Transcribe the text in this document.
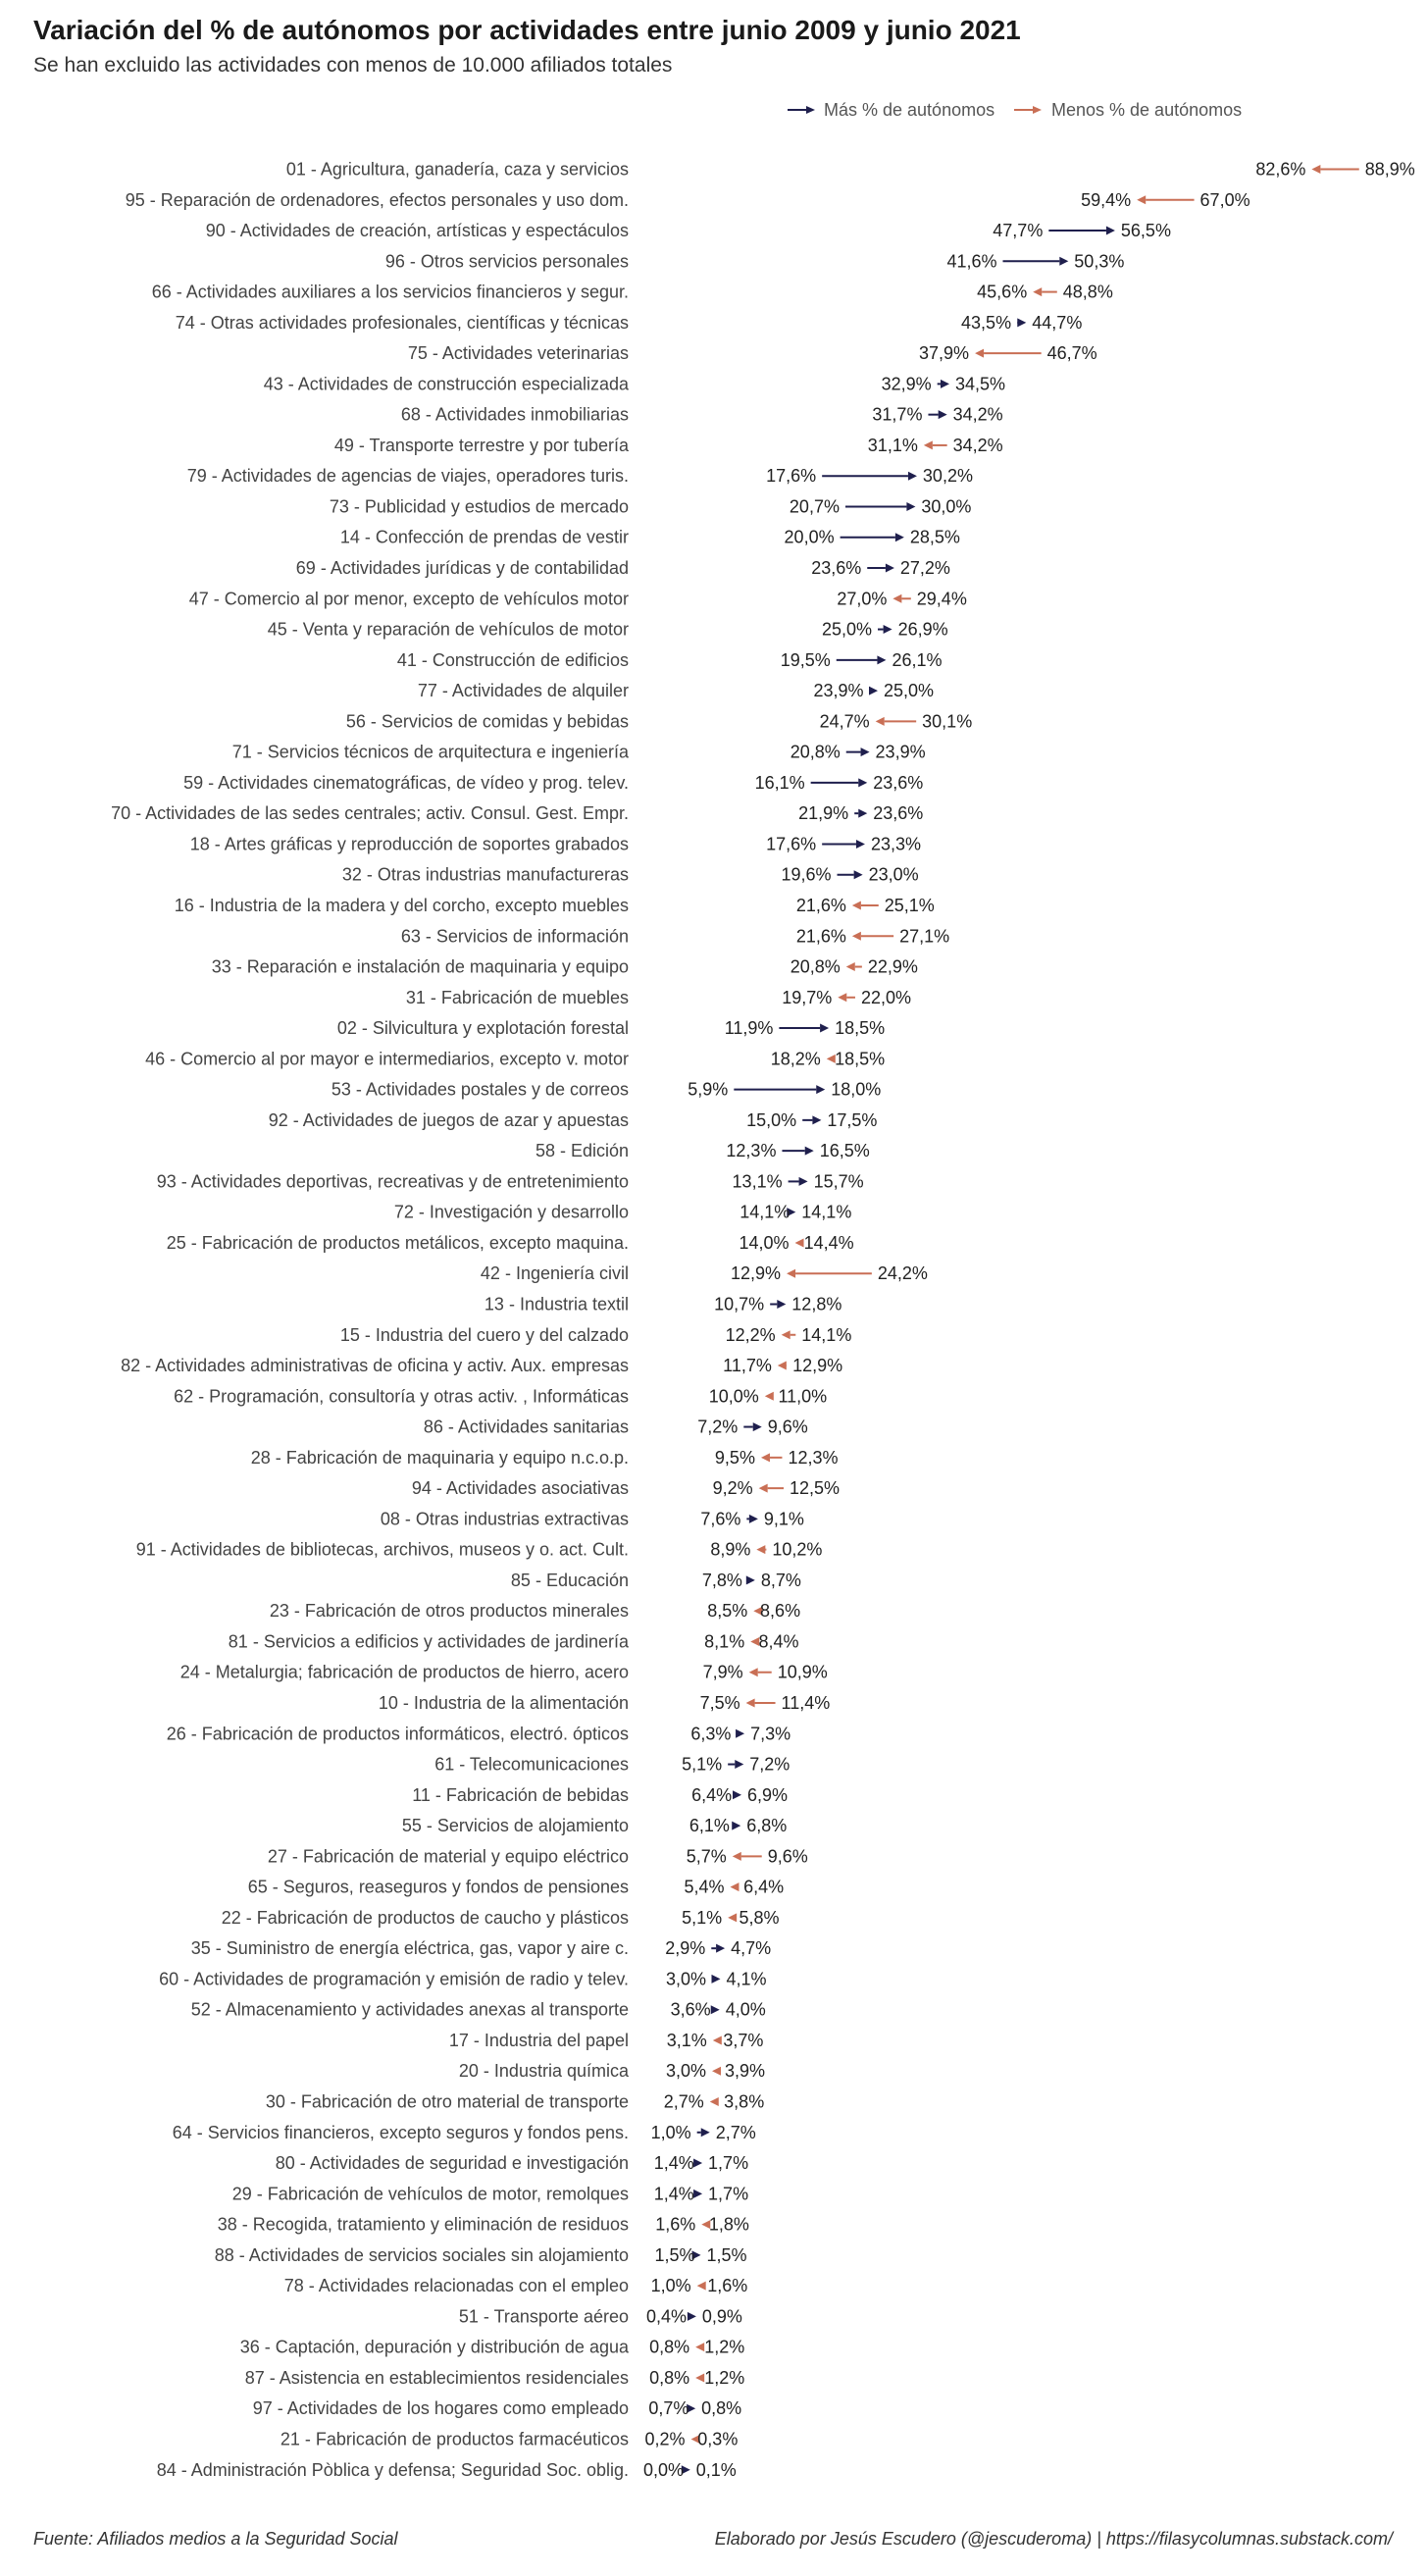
Variación del % de autónomos por actividades entre junio 2009 y junio 2021
Se han excluido las actividades con menos de 10.000 afiliados totales
Más % de autónomos	Menos % de autónomos
01 - Agricultura, ganadería, caza y servicios	82,6%	88,9%
95 - Reparación de ordenadores, efectos personales y uso dom.	59,4%	67,0%
90 - Actividades de creación, artísticas y espectáculos	47,7%	56,5%
96 - Otros servicios personales	41,6%	50,3%
66 - Actividades auxiliares a los servicios financieros y segur.	45,6% 48,8%
74 - Otras actividades profesionales, científicas y técnicas	43,5% 44,7%
75 - Actividades veterinarias	37,9%	46,7%
43 - Actividades de construcción especializada	32,9% 34,5%
68 - Actividades inmobiliarias	31,7% 34,2%
49 - Transporte terrestre y por tubería	31,1% 34,2%
79 - Actividades de agencias de viajes, operadores turis.	17,6%	30,2%
73 - Publicidad y estudios de mercado	20,7%	30,0%
14 - Confección de prendas de vestir	20,0%	28,5%
69 - Actividades jurídicas y de contabilidad	23,6% 27,2%
47 - Comercio al por menor, excepto de vehículos motor	27,0% 29,4%
45 - Venta y reparación de vehículos de motor	25,0% 26,9%
41 - Construcción de edificios	19,5%	26,1%
77 - Actividades de alquiler	23,9% 25,0%
56 - Servicios de comidas y bebidas	24,7%	30,1%
71 - Servicios técnicos de arquitectura e ingeniería	20,8% 23,9%
59 - Actividades cinematográficas, de vídeo y prog. telev.	16,1%	23,6%
70 - Actividades de las sedes centrales; activ. Consul. Gest. Empr.	21,9% 23,6%
18 - Artes gráficas y reproducción de soportes grabados	17,6%	23,3%
32 - Otras industrias manufactureras	19,6% 23,0%
16 - Industria de la madera y del corcho, excepto muebles	21,6% 25,1%
63 - Servicios de información	21,6%	27,1%
33 - Reparación e instalación de maquinaria y equipo	20,8% 22,9%
31 - Fabricación de muebles	19,7% 22,0%
02 - Silvicultura y explotación forestal	11,9%	18,5%
46 - Comercio al por mayor e intermediarios, excepto v. motor	18,2% 18,5%
53 - Actividades postales y de correos	5,9%	18,0%
92 - Actividades de juegos de azar y apuestas	15,0% 17,5%
58 - Edición	12,3% 16,5%
93 - Actividades deportivas, recreativas y de entretenimiento	13,1% 15,7%
72 - Investigación y desarrollo	14,1% 14,1%
25 - Fabricación de productos metálicos, excepto maquina.	14,0% 14,4%
42 - Ingeniería civil	12,9%	24,2%
13 - Industria textil	10,7% 12,8%
15 - Industria del cuero y del calzado	12,2% 14,1%
82 - Actividades administrativas de oficina y activ. Aux. empresas	11,7% 12,9%
62 - Programación, consultoría y otras activ. , Informáticas	10,0% 11,0%
86 - Actividades sanitarias	7,2% 9,6%
28 - Fabricación de maquinaria y equipo n.c.o.p.	9,5% 12,3%
94 - Actividades asociativas	9,2% 12,5%
08 - Otras industrias extractivas	7,6% 9,1%
91 - Actividades de bibliotecas, archivos, museos y o. act. Cult.	8,9% 10,2%
85 - Educación	7,8% 8,7%
23 - Fabricación de otros productos minerales	8,5% 8,6%
81 - Servicios a edificios y actividades de jardinería	8,1% 8,4%
24 - Metalurgia; fabricación de productos de hierro, acero	7,9% 10,9%
10 - Industria de la alimentación	7,5% 11,4%
26 - Fabricación de productos informáticos, electró. ópticos	6,3% 7,3%
61 - Telecomunicaciones	5,1% 7,2%
11 - Fabricación de bebidas	6,4% 6,9%
55 - Servicios de alojamiento	6,1% 6,8%
27 - Fabricación de material y equipo eléctrico	5,7% 9,6%
65 - Seguros, reaseguros y fondos de pensiones	5,4% 6,4%
22 - Fabricación de productos de caucho y plásticos	5,1% 5,8%
35 - Suministro de energía eléctrica, gas, vapor y aire c. 2,9% 4,7%
60 - Actividades de programación y emisión de radio y telev. 3,0% 4,1%
52 - Almacenamiento y actividades anexas al transporte 3,6% 4,0%
17 - Industria del papel 3,1% 3,7%
20 - Industria química 3,0% 3,9%
30 - Fabricación de otro material de transporte 2,7% 3,8%
64 - Servicios financieros, excepto seguros y fondos pens. 1,0% 2,7%
80 - Actividades de seguridad e investigación 1,4% 1,7%
29 - Fabricación de vehículos de motor, remolques 1,4% 1,7%
38 - Recogida, tratamiento y eliminación de residuos 1,6% 1,8%
88 - Actividades de servicios sociales sin alojamiento 1,5% 1,5%
78 - Actividades relacionadas con el empleo 1,0% 1,6%
51 - Transporte aéreo 0,4% 0,9%
36 - Captación, depuración y distribución de agua 0,8% 1,2%
87 - Asistencia en establecimientos residenciales 0,8% 1,2%
97 - Actividades de los hogares como empleado 0,7% 0,8%
21 - Fabricación de productos farmacéuticos 0,2% 0,3%
84 - Administración Pòblica y defensa; Seguridad Soc. oblig. 0,0% 0,1%
Fuente: Afiliados medios a la Seguridad Social	Elaborado por Jesús Escudero (@jescuderoma) | https://filasycolumnas.substack.com/
